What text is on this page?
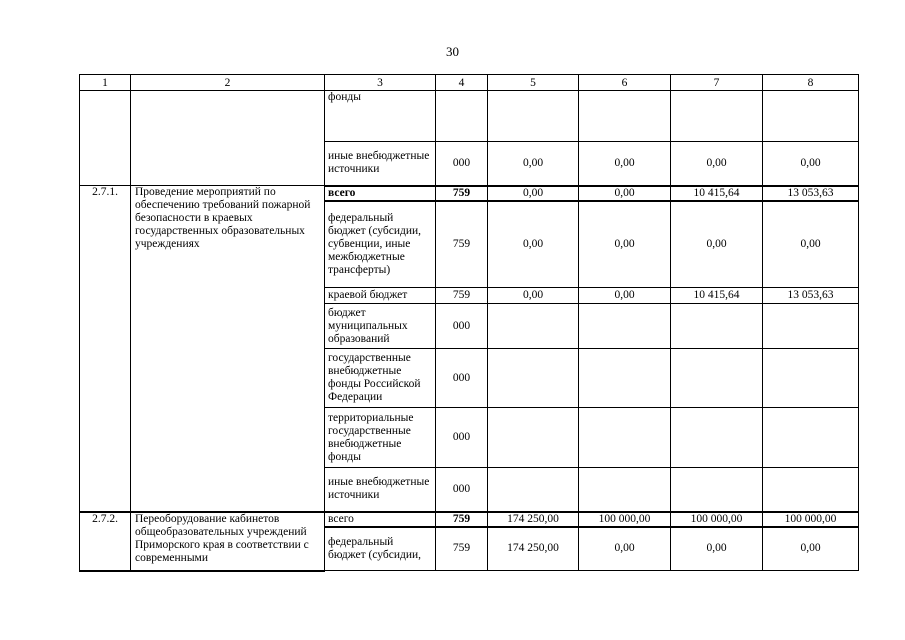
30
1	2	3	4	5	6	7	8
		фонды					
		иные внебюджетные источники	000	0,00	0,00	0,00	0,00
2.7.1.	Проведение мероприятий по обеспечению требований пожарной безопасности в краевых государственных образовательных учреждениях	всего	759	0,00	0,00	10 415,64	13 053,63
		федеральный бюджет (субсидии, субвенции, иные межбюджетные трансферты)	759	0,00	0,00	0,00	0,00
		краевой бюджет	759	0,00	0,00	10 415,64	13 053,63
		бюджет муниципальных образований	000				
		государственные внебюджетные фонды Российской Федерации	000				
		территориальные государственные внебюджетные фонды	000				
		иные внебюджетные источники	000				
2.7.2.	Переоборудование кабинетов общеобразовательных учреждений Приморского края в соответствии с современными	всего	759	174 250,00	100 000,00	100 000,00	100 000,00
		федеральный бюджет (субсидии,	759	174 250,00	0,00	0,00	0,00
